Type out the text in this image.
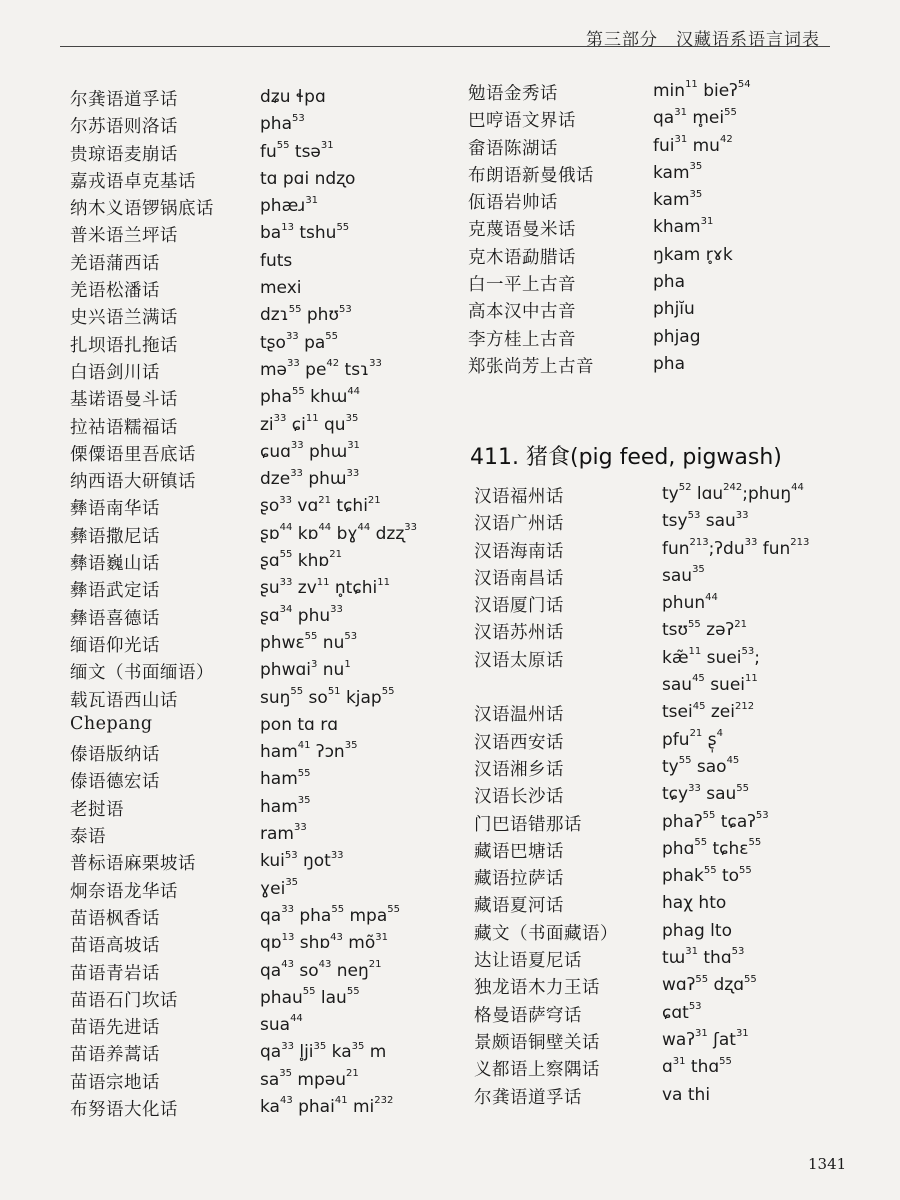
第三部分　汉藏语系语言词表
尔龚语道孚话	dʑu ɬpɑ
尔苏语则洛话	pha$^{53}$
贵琼语麦崩话	$fu^{55}$ tsə$^{31}$
嘉戎语卓克基话	tɑ pɑi ndʐo
纳木义语锣锅底话	phæɹ$^{31}$
普米语兰坪话	$ba^{13}$ tshu$^{55}$
羌语蒲西话	futs
羌语松潘话	mexi
史兴语兰满话	dzɿ$^{55}$ phʊ$^{53}$
扎坝语扎拖话	tʂo$^{33}$ $pa^{55}$
白语剑川话	mə$^{33}$ $pe^{42}$ tsɿ$^{33}$
基诺语曼斗话	pha$^{55}$ khɯ$^{44}$
拉祜语糯福话	$zi^{33}$ ɕi$^{11}$ $qu^{35}$
傈僳语里吾底话	ɕuɑ$^{33}$ phɯ$^{31}$
纳西语大研镇话	dze$^{33}$ phɯ$^{33}$
彝语南华话	ʂo$^{33}$ vɑ$^{21}$ tɕhi$^{21}$
彝语撒尼话	ʂɒ$^{44}$ kɒ$^{44}$ bɣ$^{44}$ dzʐ$^{33}$
彝语巍山话	ʂɑ$^{55}$ khɒ$^{21}$
彝语武定话	ʂu$^{33}$ $zv^{11}$ n̥tɕhi$^{11}$
彝语喜德话	ʂɑ$^{34}$ phu$^{33}$
缅语仰光话	phwɛ$^{55}$ $nu^{53}$
缅文（书面缅语）	phwɑi$^3$ $nu^1$
载瓦语西山话	suŋ$^{55}$ $so^{51}$ kjap$^{55}$
Chepang	pon tɑ rɑ
傣语版纳话	ham$^{41}$ ʔɔn$^{35}$
傣语德宏话	ham$^{55}$
老挝语	ham$^{35}$
泰语	ram$^{33}$
普标语麻栗坡话	kui$^{53}$ ŋot$^{33}$
炯奈语龙华话	ɣei$^{35}$
苗语枫香话	$qa^{33}$ pha$^{55}$ mpa$^{55}$
苗语高坡话	qɒ$^{13}$ shɒ$^{43}$ $mõ^{31}$
苗语青岩话	$qa^{43}$ $so^{43}$ neŋ$^{21}$
苗语石门坎话	phau$^{55}$ lau$^{55}$
苗语先进话	sua$^{44}$
苗语养蒿话	$qa^{33}$ $l̥ji^{35}$ $ka^{35}$ m
苗语宗地话	$sa^{35}$ mpəu$^{21}$
布努语大化话	$ka^{43}$ phai$^{41}$ $mi^{232}$
勉语金秀话	$\min^{11}$ bieʔ$^{54}$
巴哼语文界话	$qa^{31}$ $m̥ei^{55}$
畲语陈湖话	fui$^{31}$ $mu^{42}$
布朗语新曼俄话	kam$^{35}$
佤语岩帅话	kam$^{35}$
克蔑语曼米话	kham$^{31}$
克木语勐腊话	ŋkam r̥ɤk
白一平上古音	pha
高本汉中古音	phjĭu
李方桂上古音	phjag
郑张尚芳上古音	pha
411. 猪食(pig feed, pigwash)
汉语福州话	$ty^{52}$ lɑu$^{242}$;phuŋ$^{44}$
汉语广州话	tsy$^{53}$ sau$^{33}$
汉语海南话	fun$^{213}$;ʔdu$^{33}$ fun$^{213}$
汉语南昌话	sau$^{35}$
汉语厦门话	phun$^{44}$
汉语苏州话	tsʊ$^{55}$ zəʔ$^{21}$
汉语太原话	kæ̃$^{11}$ suei$^{53}$;
sau$^{45}$ suei$^{11}$
汉语温州话	tsei$^{45}$ zei$^{212}$
汉语西安话	pfu$^{21}$ ʂ̩$^4$
汉语湘乡话	$ty^{55}$ sao$^{45}$
汉语长沙话	tɕy$^{33}$ sau$^{55}$
门巴语错那话	phaʔ$^{55}$ tɕaʔ$^{53}$
藏语巴塘话	phɑ$^{55}$ tɕhɛ$^{55}$
藏语拉萨话	phak$^{55}$ $to^{55}$
藏语夏河话	haχ hto
藏文（书面藏语）	phag lto
达让语夏尼话	tɯ$^{31}$ thɑ$^{53}$
独龙语木力王话	wɑʔ$^{55}$ dʐɑ$^{55}$
格曼语萨穹话	ɕɑt$^{53}$
景颇语铜壁关话	waʔ$^{31}$ ʃat$^{31}$
义都语上察隅话	ɑ$^{31}$ thɑ$^{55}$
尔龚语道孚话	va thi
1341
